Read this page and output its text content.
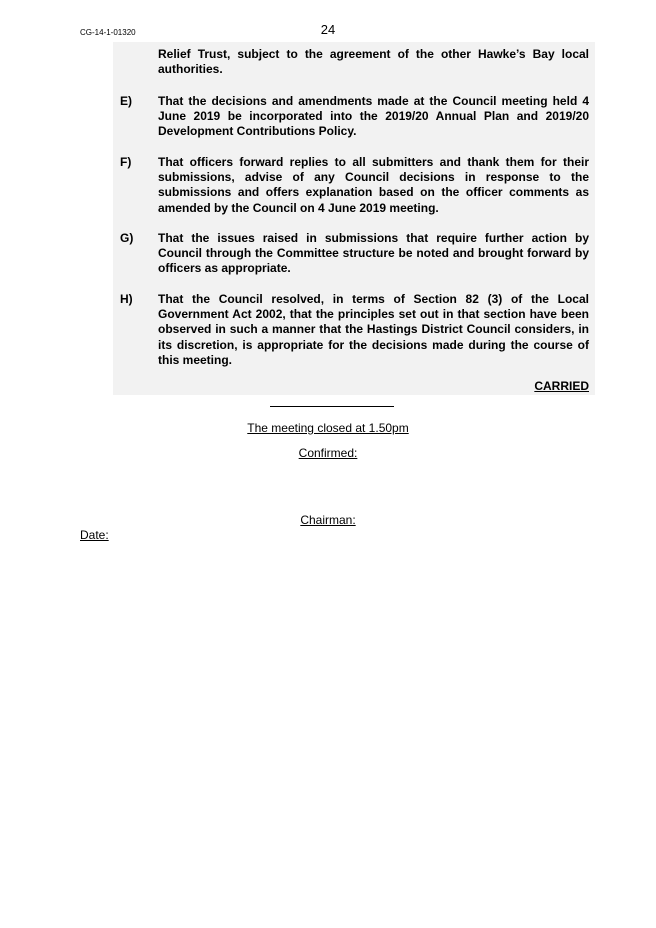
CG-14-1-01320	24

Relief Trust, subject to the agreement of the other Hawke’s Bay local authorities.

E) That the decisions and amendments made at the Council meeting held 4 June 2019 be incorporated into the 2019/20 Annual Plan and 2019/20 Development Contributions Policy.

F) That officers forward replies to all submitters and thank them for their submissions, advise of any Council decisions in response to the submissions and offers explanation based on the officer comments as amended by the Council on 4 June 2019 meeting.

G) That the issues raised in submissions that require further action by Council through the Committee structure be noted and brought forward by officers as appropriate.

H) That the Council resolved, in terms of Section 82 (3) of the Local Government Act 2002, that the principles set out in that section have been observed in such a manner that the Hastings District Council considers, in its discretion, is appropriate for the decisions made during the course of this meeting.

CARRIED
The meeting closed at 1.50pm
Confirmed:
Chairman:
Date:
